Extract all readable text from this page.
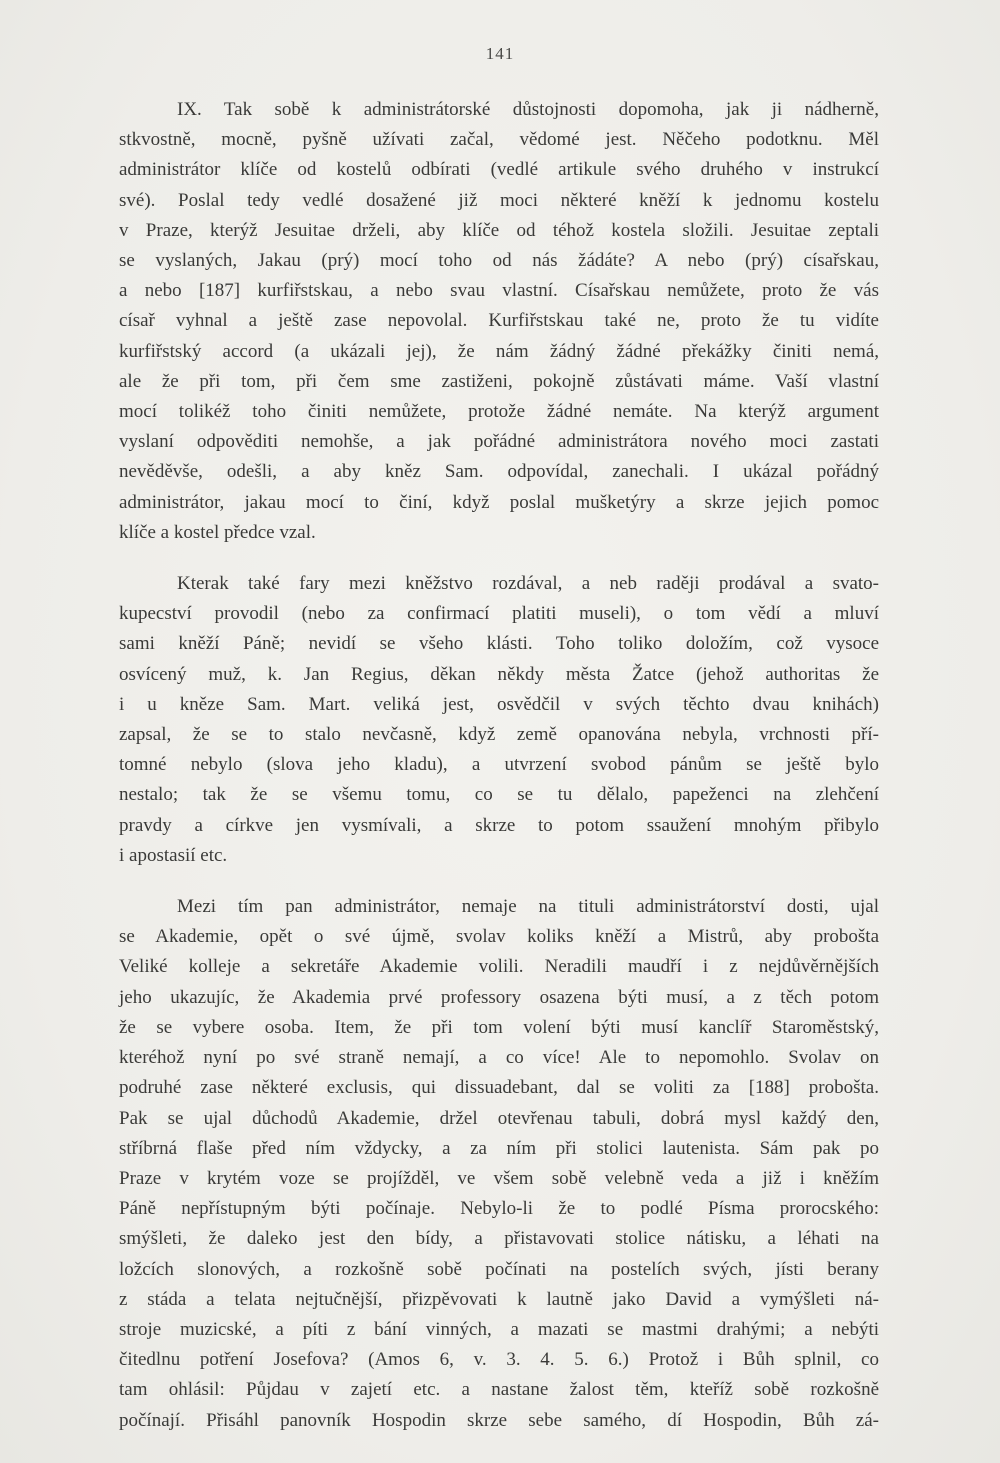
141
IX. Tak sobě k administrátorské důstojnosti dopomoha, jak ji nádherně,
stkvostně, mocně, pyšně užívati začal, vědomé jest. Něčeho podotknu. Měl
administrátor klíče od kostelů odbírati (vedlé artikule svého druhého v instrukcí
své). Poslal tedy vedlé dosažené již moci některé kněží k jednomu kostelu
v Praze, kterýž Jesuitae drželi, aby klíče od téhož kostela složili. Jesuitae zeptali
se vyslaných, Jakau (prý) mocí toho od nás žádáte? A nebo (prý) císařskau,
a nebo [187] kurfiřstskau, a nebo svau vlastní. Císařskau nemůžete, proto že vás
císař vyhnal a ještě zase nepovolal. Kurfiřstskau také ne, proto že tu vidíte
kurfiřstský accord (a ukázali jej), že nám žádný žádné překážky činiti nemá,
ale že při tom, při čem sme zastiženi, pokojně zůstávati máme. Vaší vlastní
mocí tolikéž toho činiti nemůžete, protože žádné nemáte. Na kterýž argument
vyslaní odpověditi nemohše, a jak pořádné administrátora nového moci zastati
nevěděvše, odešli, a aby kněz Sam. odpovídal, zanechali. I ukázal pořádný
administrátor, jakau mocí to činí, když poslal mušketýry a skrze jejich pomoc
klíče a kostel předce vzal.
Kterak také fary mezi kněžstvo rozdával, a neb raději prodával a svato-
kupecství provodil (nebo za confirmací platiti museli), o tom vědí a mluví
sami kněží Páně; nevidí se všeho klásti. Toho toliko doložím, což vysoce
osvícený muž, k. Jan Regius, děkan někdy města Žatce (jehož authoritas že
i u kněze Sam. Mart. veliká jest, osvědčil v svých těchto dvau knihách)
zapsal, že se to stalo nevčasně, když země opanována nebyla, vrchnosti pří-
tomné nebylo (slova jeho kladu), a utvrzení svobod pánům se ještě bylo
nestalo; tak že se všemu tomu, co se tu dělalo, papeženci na zlehčení
pravdy a církve jen vysmívali, a skrze to potom ssaužení mnohým přibylo
i apostasií etc.
Mezi tím pan administrátor, nemaje na tituli administrátorství dosti, ujal
se Akademie, opět o své újmě, svolav koliks kněží a Mistrů, aby probošta
Veliké kolleje a sekretáře Akademie volili. Neradili maudří i z nejdůvěrnějších
jeho ukazujíc, že Akademia prvé professory osazena býti musí, a z těch potom
že se vybere osoba. Item, že při tom volení býti musí kanclíř Staroměstský,
kteréhož nyní po své straně nemají, a co více! Ale to nepomohlo. Svolav on
podruhé zase některé exclusis, qui dissuadebant, dal se voliti za [188] probošta.
Pak se ujal důchodů Akademie, držel otevřenau tabuli, dobrá mysl každý den,
stříbrná flaše před ním vždycky, a za ním při stolici lautenista. Sám pak po
Praze v krytém voze se projížděl, ve všem sobě velebně veda a již i kněžím
Páně nepřístupným býti počínaje. Nebylo-li že to podlé Písma prorocského:
smýšleti, že daleko jest den bídy, a přistavovati stolice nátisku, a léhati na
ložcích slonových, a rozkošně sobě počínati na postelích svých, jísti berany
z stáda a telata nejtučnější, přizpěvovati k lautně jako David a vymýšleti ná-
stroje muzicské, a píti z bání vinných, a mazati se mastmi drahými; a nebýti
čitedlnu potření Josefova? (Amos 6, v. 3. 4. 5. 6.) Protož i Bůh splnil, co
tam ohlásil: Půjdau v zajetí etc. a nastane žalost těm, kteříž sobě rozkošně
počínají. Přisáhl panovník Hospodin skrze sebe samého, dí Hospodin, Bůh zá-
